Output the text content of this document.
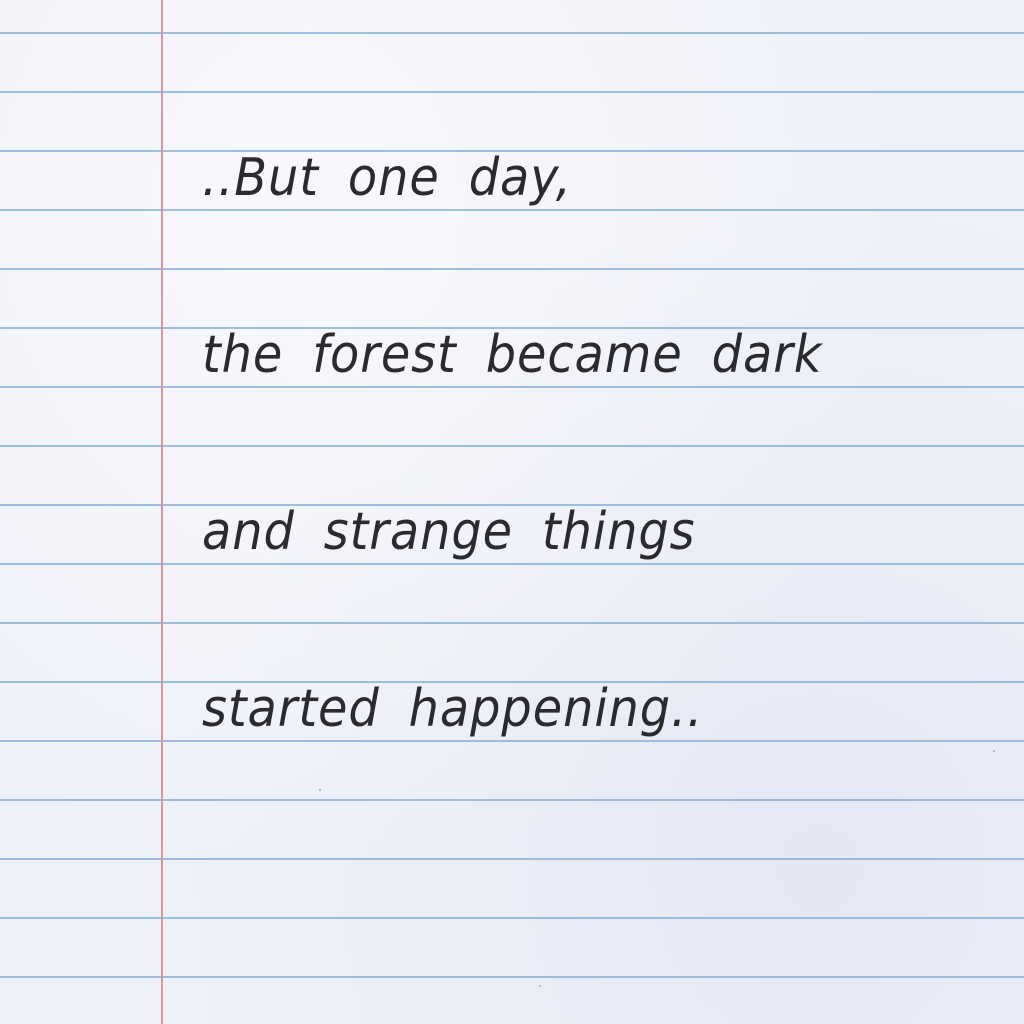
..But one day,

the forest became dark

and strange things

started happening..
